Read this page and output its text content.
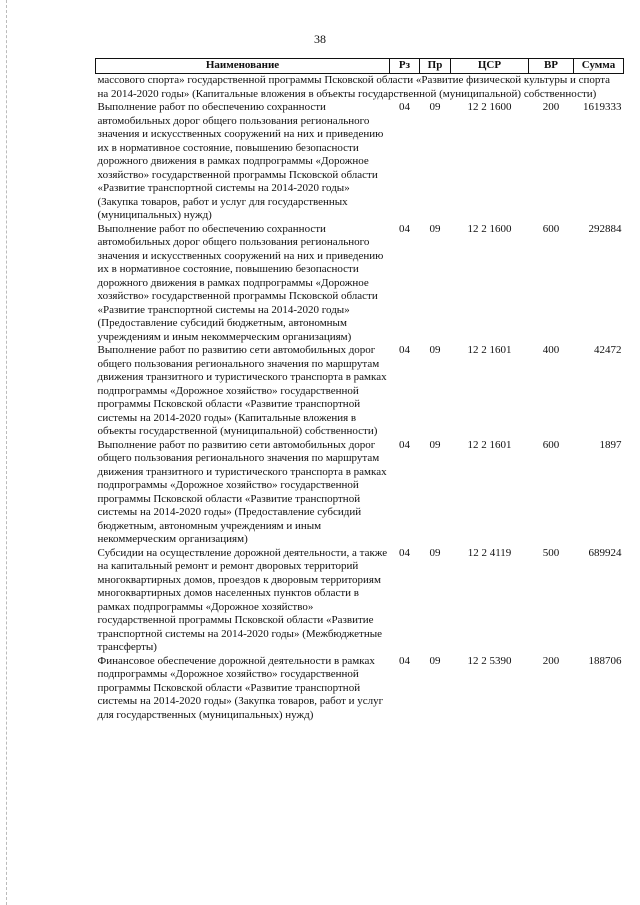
38
Наименование	Рз	Пр	ЦСР	ВР	Сумма
массового спорта» государственной программы Псковской области «Развитие физической культуры и спорта на 2014-2020 годы» (Капитальные вложения в объекты государственной (муниципальной) собственности)					
Выполнение работ по обеспечению сохранности автомобильных дорог общего пользования регионального значения и искусственных сооружений на них и приведению их в нормативное состояние, повышению безопасности дорожного движения в рамках подпрограммы «Дорожное хозяйство» государственной программы Псковской области «Развитие транспортной системы на 2014-2020 годы» (Закупка товаров, работ и услуг для государственных (муниципальных) нужд)	04	09	12 2 1600	200	1619333
Выполнение работ по обеспечению сохранности автомобильных дорог общего пользования регионального значения и искусственных сооружений на них и приведению их в нормативное состояние, повышению безопасности дорожного движения в рамках подпрограммы «Дорожное хозяйство» государственной программы Псковской области «Развитие транспортной системы на 2014-2020 годы» (Предоставление субсидий бюджетным, автономным учреждениям и иным некоммерческим организациям)	04	09	12 2 1600	600	292884
Выполнение работ по развитию сети автомобильных дорог общего пользования регионального значения по маршрутам движения транзитного и туристического транспорта в рамках подпрограммы «Дорожное хозяйство» государственной программы Псковской области «Развитие транспортной системы на 2014-2020 годы» (Капитальные вложения в объекты государственной (муниципальной) собственности)	04	09	12 2 1601	400	42472
Выполнение работ по развитию сети автомобильных дорог общего пользования регионального значения по маршрутам движения транзитного и туристического транспорта в рамках подпрограммы «Дорожное хозяйство» государственной программы Псковской области «Развитие транспортной системы на 2014-2020 годы» (Предоставление субсидий бюджетным, автономным учреждениям и иным некоммерческим организациям)	04	09	12 2 1601	600	1897
Субсидии на осуществление дорожной деятельности, а также на капитальный ремонт и ремонт дворовых территорий многоквартирных домов, проездов к дворовым территориям многоквартирных домов населенных пунктов области в рамках подпрограммы «Дорожное хозяйство» государственной программы Псковской области «Развитие транспортной системы на 2014-2020 годы» (Межбюджетные трансферты)	04	09	12 2 4119	500	689924
Финансовое обеспечение дорожной деятельности в рамках подпрограммы «Дорожное хозяйство» государственной программы Псковской области «Развитие транспортной системы на 2014-2020 годы» (Закупка товаров, работ и услуг для государственных (муниципальных) нужд)	04	09	12 2 5390	200	188706
